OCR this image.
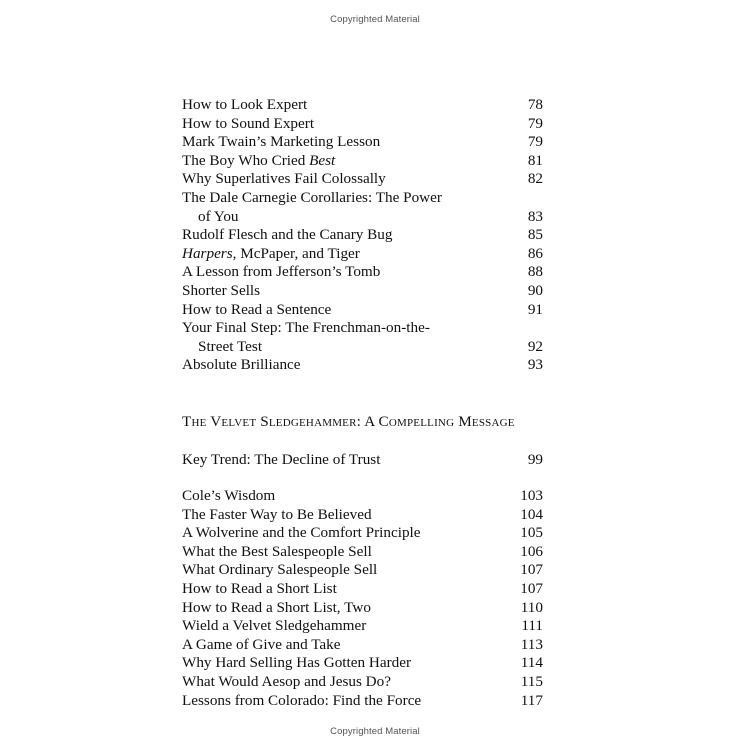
Copyrighted Material
How to Look Expert	78
How to Sound Expert	79
Mark Twain’s Marketing Lesson	79
The Boy Who Cried Best	81
Why Superlatives Fail Colossally	82
The Dale Carnegie Corollaries: The Power
of You	83
Rudolf Flesch and the Canary Bug	85
Harpers, McPaper, and Tiger	86
A Lesson from Jefferson’s Tomb	88
Shorter Sells	90
How to Read a Sentence	91
Your Final Step: The Frenchman-on-the-
Street Test	92
Absolute Brilliance	93
The Velvet Sledgehammer: A Compelling Message
Key Trend: The Decline of Trust	99
Cole’s Wisdom	103
The Faster Way to Be Believed	104
A Wolverine and the Comfort Principle	105
What the Best Salespeople Sell	106
What Ordinary Salespeople Sell	107
How to Read a Short List	107
How to Read a Short List, Two	110
Wield a Velvet Sledgehammer	111
A Game of Give and Take	113
Why Hard Selling Has Gotten Harder	114
What Would Aesop and Jesus Do?	115
Lessons from Colorado: Find the Force	117
Copyrighted Material
